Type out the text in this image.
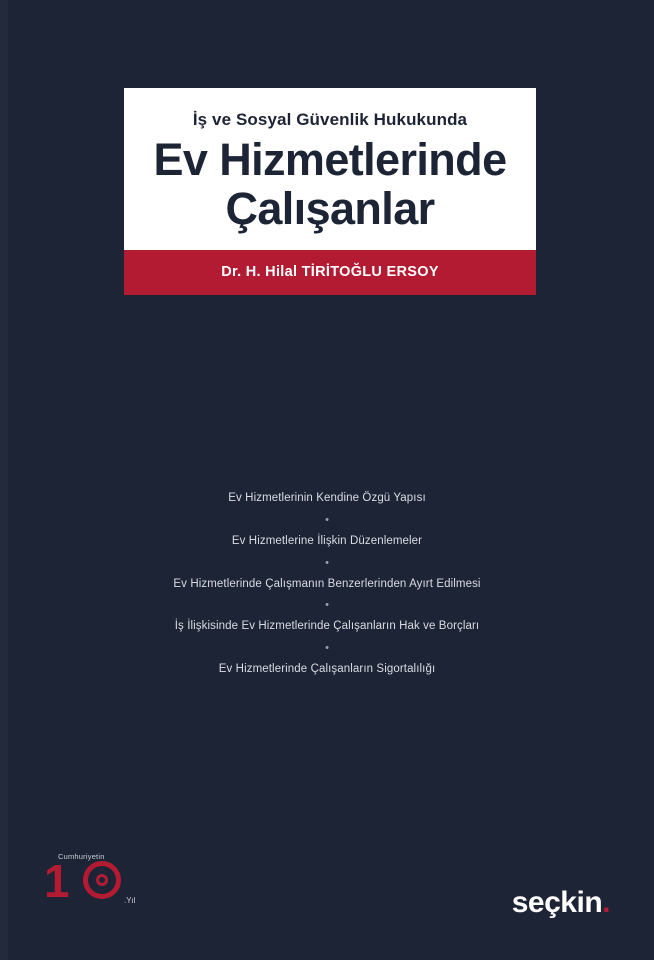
İş ve Sosyal Güvenlik Hukukunda
Ev Hizmetlerinde
Çalışanlar
Dr. H. Hilal TİRİTOĞLU ERSOY
Ev Hizmetlerinin Kendine Özgü Yapısı
•
Ev Hizmetlerine İlişkin Düzenlemeler
•
Ev Hizmetlerinde Çalışmanın Benzerlerinden Ayırt Edilmesi
•
İş İlişkisinde Ev Hizmetlerinde Çalışanların Hak ve Borçları
•
Ev Hizmetlerinde Çalışanların Sigortalılığı
Cumhuriyetin
1	.Yıl	seçkin.
